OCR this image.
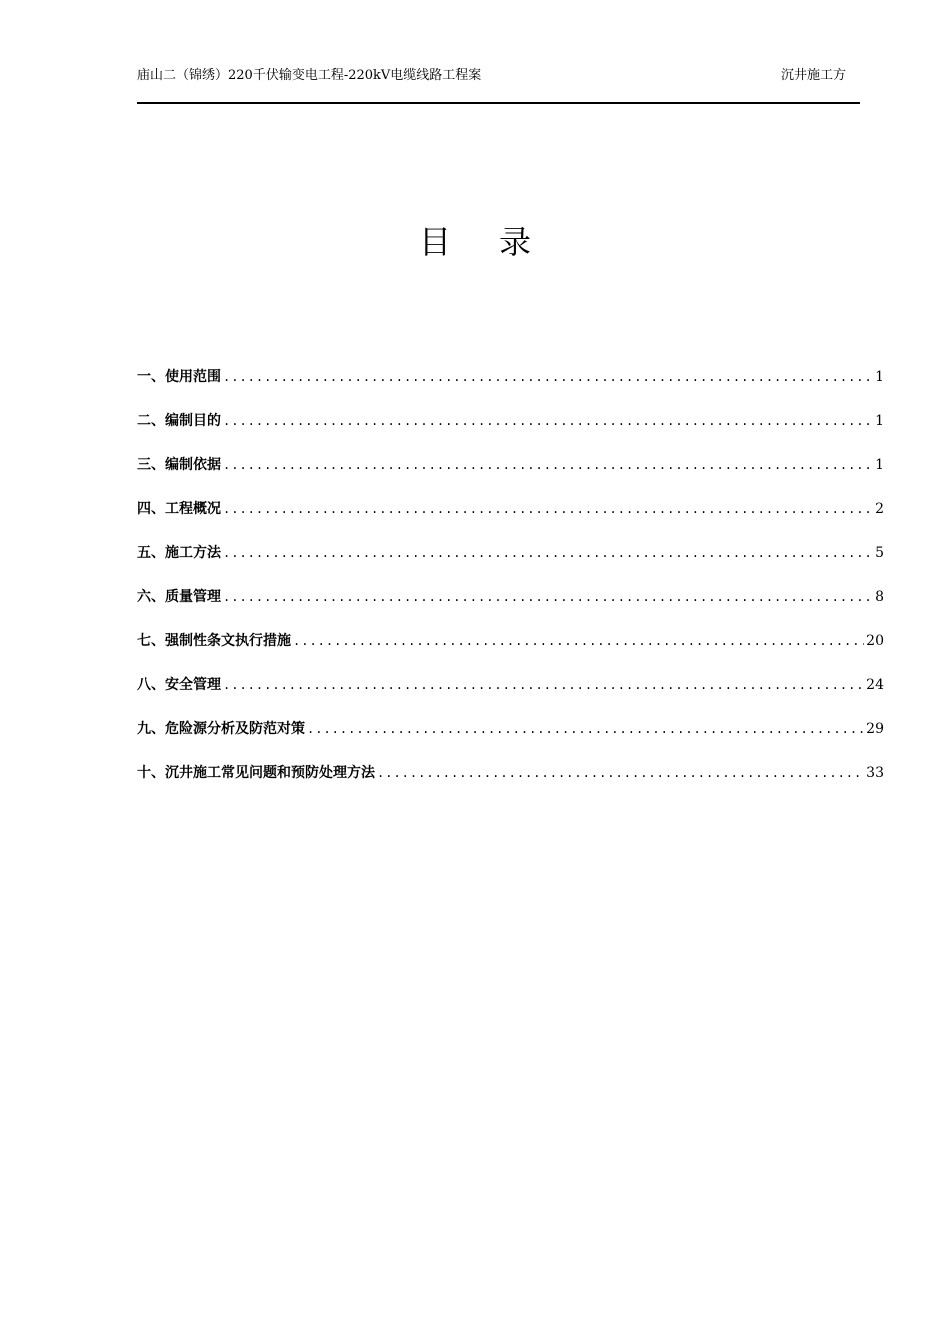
庙山二（锦绣）220千伏输变电工程-220kV电缆线路工程案	沉井施工方
目录
一、使用范围 .....	1
二、编制目的 .....	1
三、编制依据 .....	1
四、工程概况 .....	2
五、施工方法 .....	5
六、质量管理 .....	8
七、强制性条文执行措施 .....	20
八、安全管理 .....	24
九、危险源分析及防范对策 .....	29
十、沉井施工常见问题和预防处理方法 .....	33
